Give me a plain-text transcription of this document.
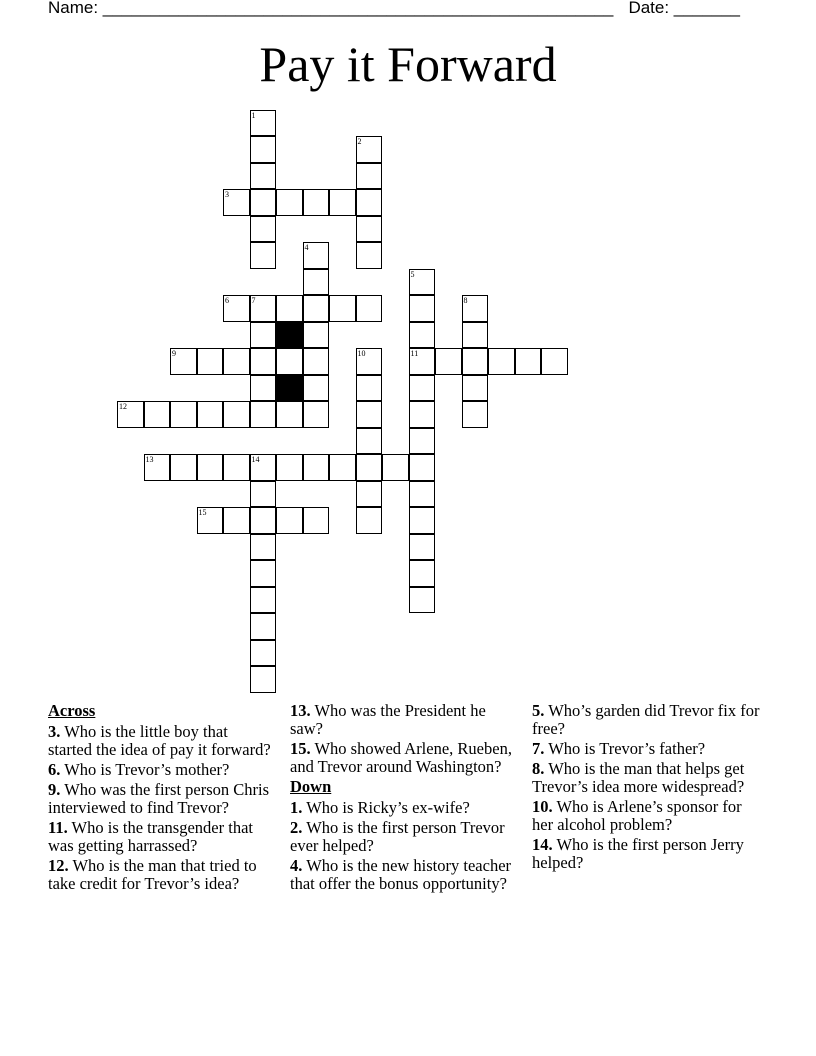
Name: ______________________________________________________ Date: _______
Pay it Forward
1
2
3
4
5
6	7	8
9	10	11
12
13	14
15
Across
3. Who is the little boy that started the idea of pay it forward?
6. Who is Trevor’s mother?
9. Who was the first person Chris interviewed to find Trevor?
11. Who is the transgender that was getting harrassed?
12. Who is the man that tried to take credit for Trevor’s idea?
13. Who was the President he saw?
15. Who showed Arlene, Rueben, and Trevor around Washington?
Down
1. Who is Ricky’s ex-wife?
2. Who is the first person Trevor ever helped?
4. Who is the new history teacher that offer the bonus opportunity?
5. Who’s garden did Trevor fix for free?
7. Who is Trevor’s father?
8. Who is the man that helps get Trevor’s idea more widespread?
10. Who is Arlene’s sponsor for her alcohol problem?
14. Who is the first person Jerry helped?
